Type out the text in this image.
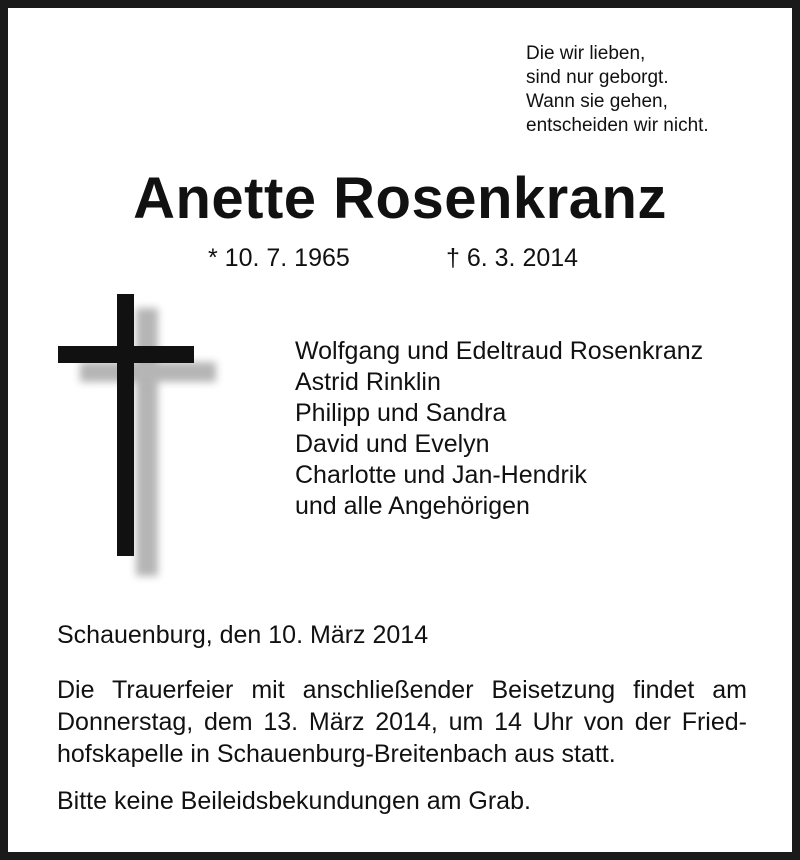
Die wir lieben,
sind nur geborgt.
Wann sie gehen,
entscheiden wir nicht.
Anette Rosenkranz
* 10. 7. 1965	† 6. 3. 2014
Wolfgang und Edeltraud Rosenkranz
Astrid Rinklin
Philipp und Sandra
David und Evelyn
Charlotte und Jan-Hendrik
und alle Angehörigen
Schauenburg, den 10. März 2014
Die Trauerfeier mit anschließender Beisetzung findet am
Donnerstag, dem 13. März 2014, um 14 Uhr von der Fried-
hofskapelle in Schauenburg-Breitenbach aus statt.
Bitte keine Beileidsbekundungen am Grab.
